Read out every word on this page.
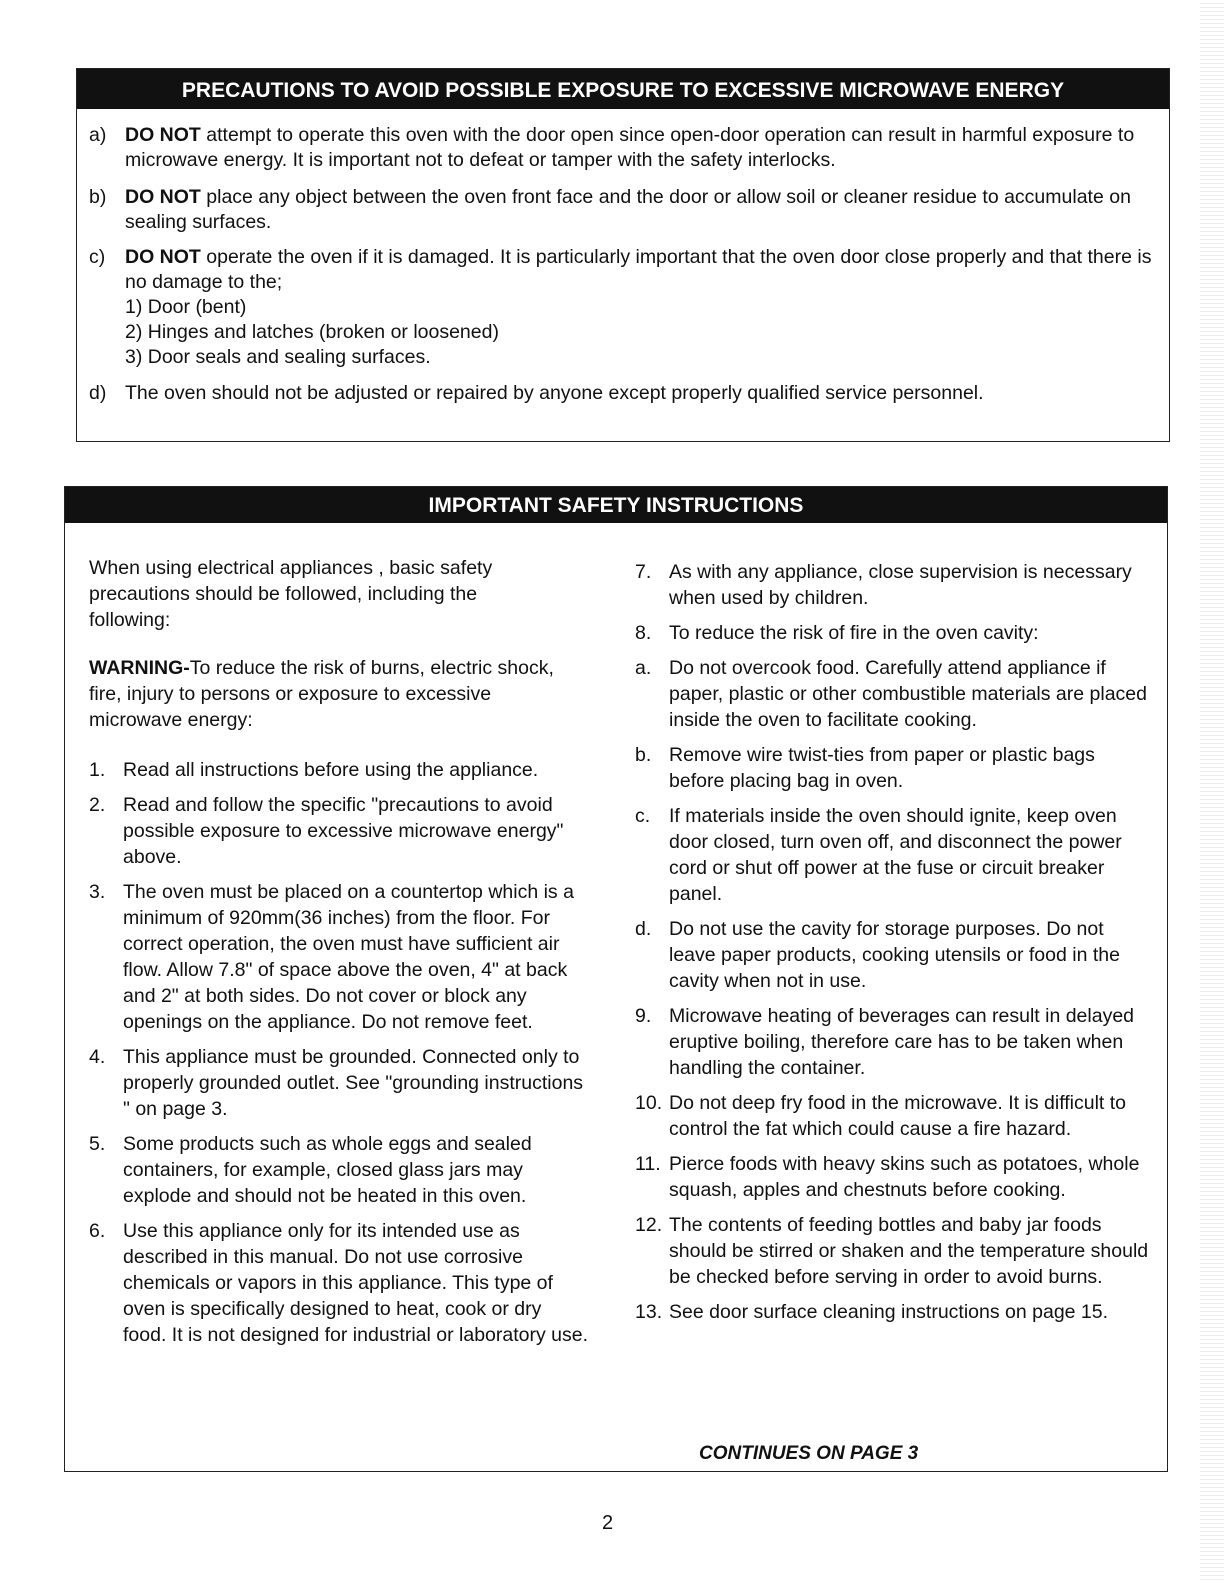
PRECAUTIONS TO AVOID POSSIBLE EXPOSURE TO EXCESSIVE MICROWAVE ENERGY
a) DO NOT attempt to operate this oven with the door open since open-door operation can result in harmful exposure to microwave energy. It is important not to defeat or tamper with the safety interlocks.
b) DO NOT place any object between the oven front face and the door or allow soil or cleaner residue to accumulate on sealing surfaces.
c) DO NOT operate the oven if it is damaged. It is particularly important that the oven door close properly and that there is no damage to the;
1) Door (bent)
2) Hinges and latches (broken or loosened)
3) Door seals and sealing surfaces.
d) The oven should not be adjusted or repaired by anyone except properly qualified service personnel.
IMPORTANT SAFETY INSTRUCTIONS
When using electrical appliances , basic safety precautions should be followed, including the following:
WARNING-To reduce the risk of burns, electric shock, fire, injury to persons or exposure to excessive microwave energy:
1. Read all instructions before using the appliance.
2. Read and follow the specific "precautions to avoid possible exposure to excessive microwave energy" above.
3. The oven must be placed on a countertop which is a minimum of 920mm(36 inches) from the floor. For correct operation, the oven must have sufficient air flow. Allow 7.8" of space above the oven, 4" at back and 2" at both sides. Do not cover or block any openings on the appliance. Do not remove feet.
4. This appliance must be grounded. Connected only to properly grounded outlet. See "grounding instructions " on page 3.
5. Some products such as whole eggs and sealed containers, for example, closed glass jars may explode and should not be heated in this oven.
6. Use this appliance only for its intended use as described in this manual. Do not use corrosive chemicals or vapors in this appliance. This type of oven is specifically designed to heat, cook or dry food. It is not designed for industrial or laboratory use.
7. As with any appliance, close supervision is necessary when used by children.
8. To reduce the risk of fire in the oven cavity:
a. Do not overcook food. Carefully attend appliance if paper, plastic or other combustible materials are placed inside the oven to facilitate cooking.
b. Remove wire twist-ties from paper or plastic bags before placing bag in oven.
c. If materials inside the oven should ignite, keep oven door closed, turn oven off, and disconnect the power cord or shut off power at the fuse or circuit breaker panel.
d. Do not use the cavity for storage purposes. Do not leave paper products, cooking utensils or food in the cavity when not in use.
9. Microwave heating of beverages can result in delayed eruptive boiling, therefore care has to be taken when handling the container.
10. Do not deep fry food in the microwave. It is difficult to control the fat which could cause a fire hazard.
11. Pierce foods with heavy skins such as potatoes, whole squash, apples and chestnuts before cooking.
12. The contents of feeding bottles and baby jar foods should be stirred or shaken and the temperature should be checked before serving in order to avoid burns.
13. See door surface cleaning instructions on page 15.
CONTINUES ON PAGE 3
2
